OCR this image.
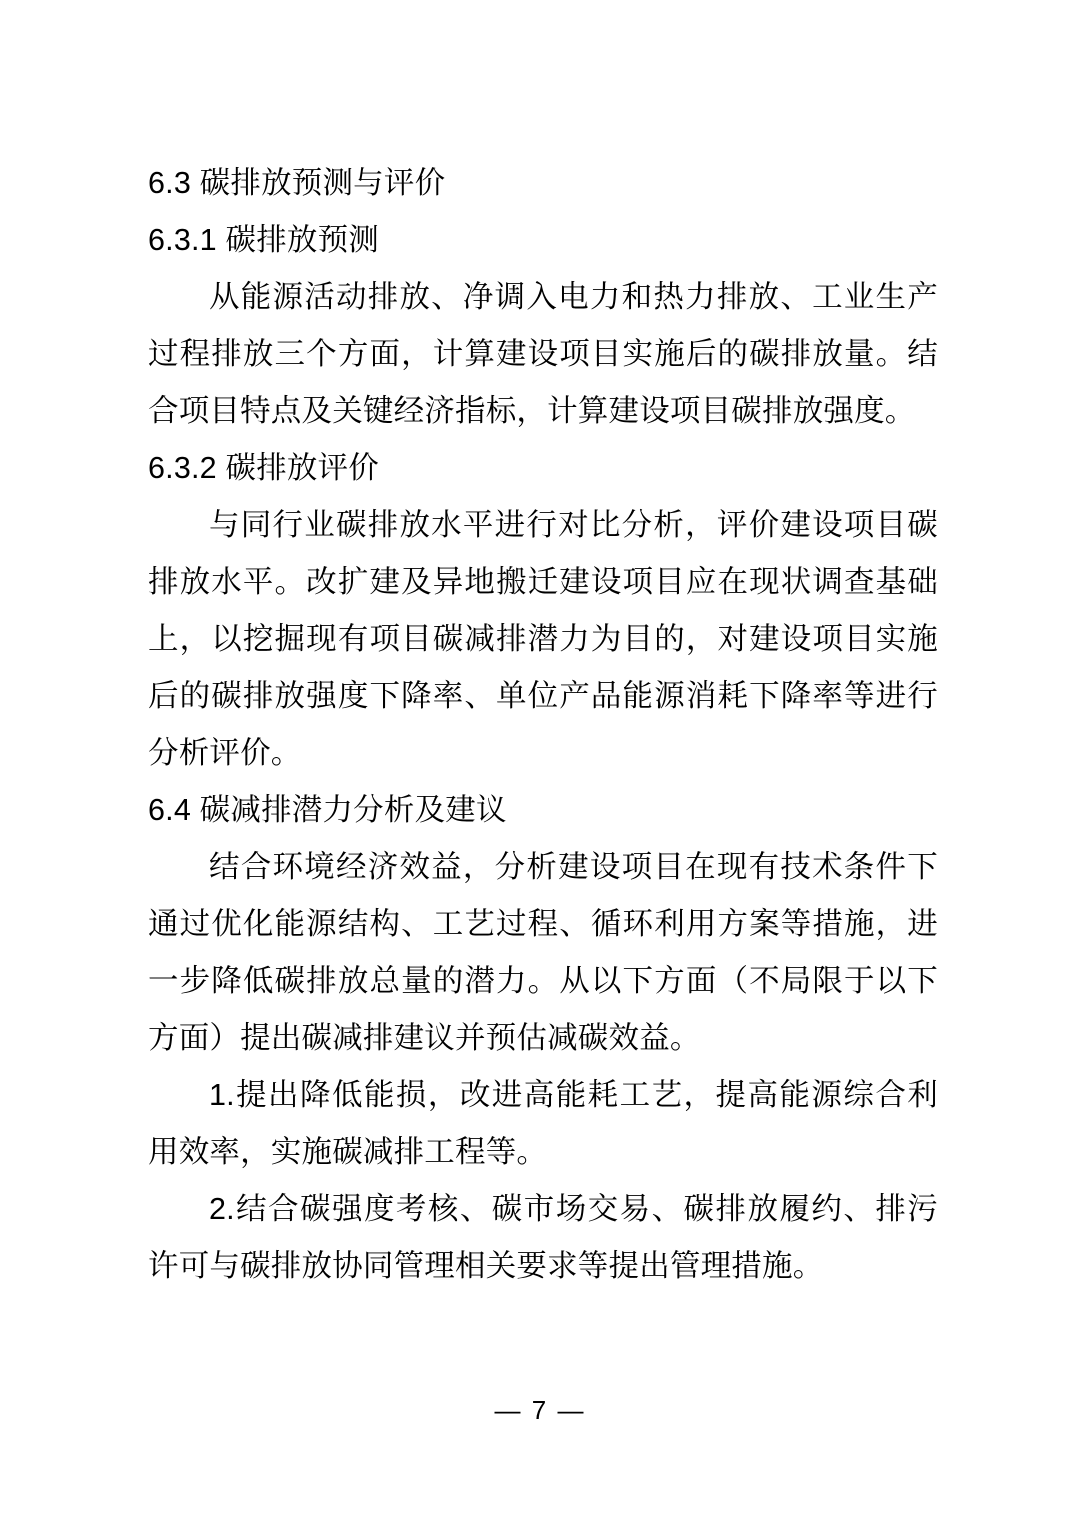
6.3 碳排放预测与评价
6.3.1 碳排放预测
从能源活动排放、净调入电力和热力排放、工业生产过程排放三个方面，计算建设项目实施后的碳排放量。结合项目特点及关键经济指标，计算建设项目碳排放强度。
6.3.2 碳排放评价
与同行业碳排放水平进行对比分析，评价建设项目碳排放水平。改扩建及异地搬迁建设项目应在现状调查基础上，以挖掘现有项目碳减排潜力为目的，对建设项目实施后的碳排放强度下降率、单位产品能源消耗下降率等进行分析评价。
6.4 碳减排潜力分析及建议
结合环境经济效益，分析建设项目在现有技术条件下通过优化能源结构、工艺过程、循环利用方案等措施，进一步降低碳排放总量的潜力。从以下方面（不局限于以下方面）提出碳减排建议并预估减碳效益。
1.提出降低能损，改进高能耗工艺，提高能源综合利用效率，实施碳减排工程等。
2.结合碳强度考核、碳市场交易、碳排放履约、排污许可与碳排放协同管理相关要求等提出管理措施。
— 7 —
